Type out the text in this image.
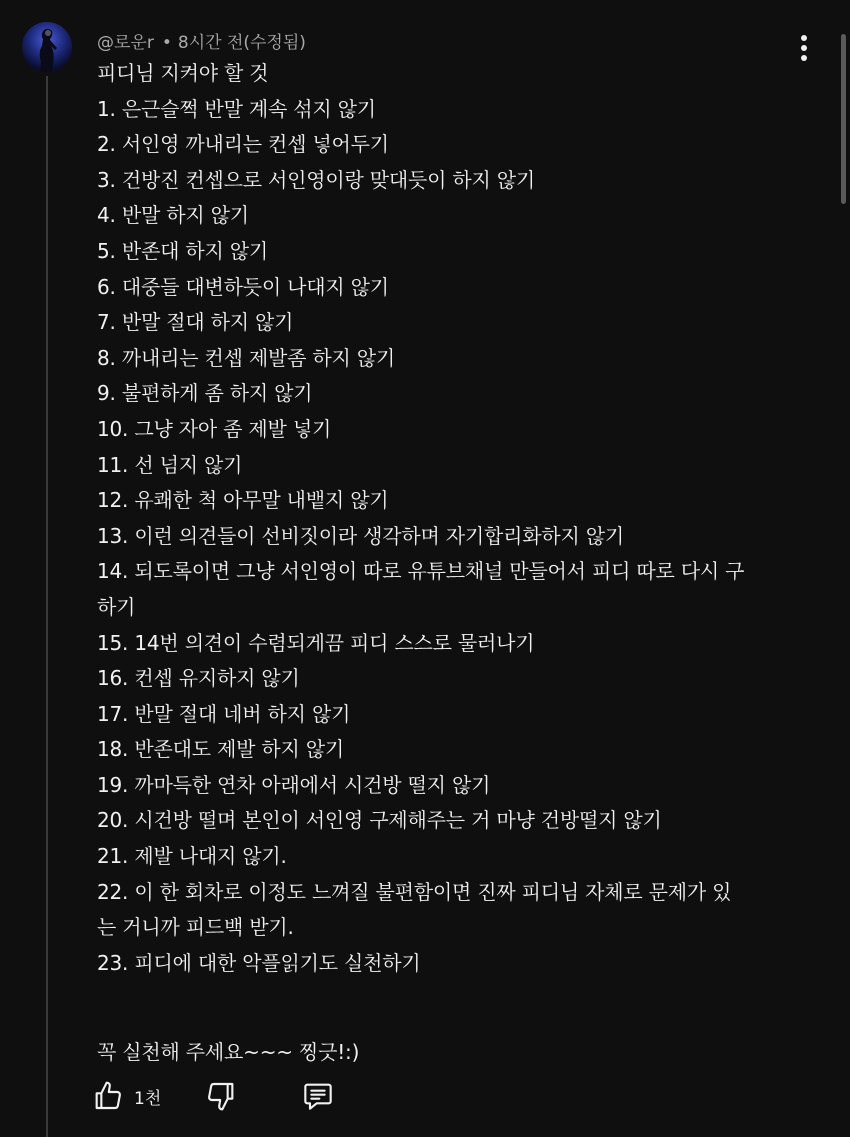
@로운r • 8시간 전(수정됨)
피디님 지켜야 할 것
1. 은근슬쩍 반말 계속 섞지 않기
2. 서인영 까내리는 컨셉 넣어두기
3. 건방진 컨셉으로 서인영이랑 맞대듯이 하지 않기
4. 반말 하지 않기
5. 반존대 하지 않기
6. 대중들 대변하듯이 나대지 않기
7. 반말 절대 하지 않기
8. 까내리는 컨셉 제발좀 하지 않기
9. 불편하게 좀 하지 않기
10. 그냥 자아 좀 제발 넣기
11. 선 넘지 않기
12. 유쾌한 척 아무말 내뱉지 않기
13. 이런 의견들이 선비짓이라 생각하며 자기합리화하지 않기
14. 되도록이면 그냥 서인영이 따로 유튜브채널 만들어서 피디 따로 다시 구
하기
15. 14번 의견이 수렴되게끔 피디 스스로 물러나기
16. 컨셉 유지하지 않기
17. 반말 절대 네버 하지 않기
18. 반존대도 제발 하지 않기
19. 까마득한 연차 아래에서 시건방 떨지 않기
20. 시건방 떨며 본인이 서인영 구제해주는 거 마냥 건방떨지 않기
21. 제발 나대지 않기.
22. 이 한 회차로 이정도 느껴질 불편함이면 진짜 피디님 자체로 문제가 있
는 거니까 피드백 받기.
23. 피디에 대한 악플읽기도 실천하기
꼭 실천해 주세요~~~ 찡긋!:)
1천
